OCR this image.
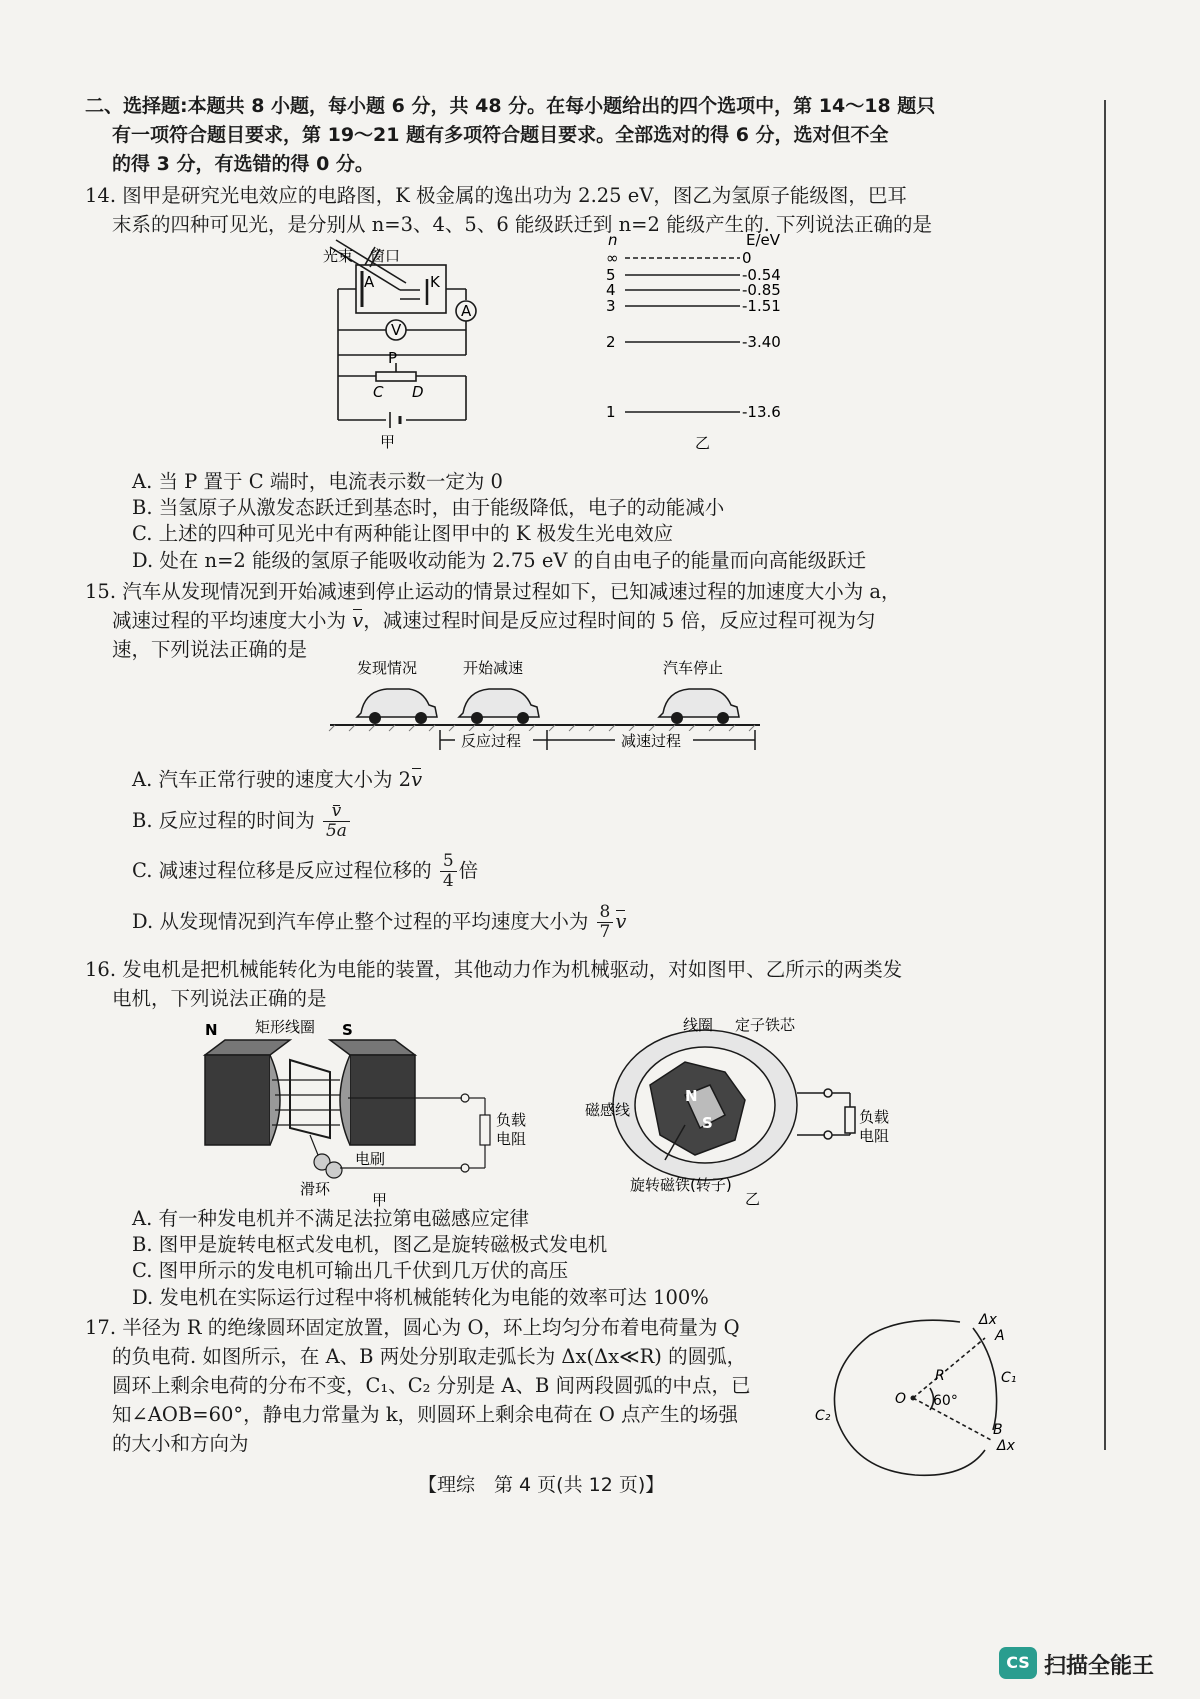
二、选择题:本题共 8 小题，每小题 6 分，共 48 分。在每小题给出的四个选项中，第 14～18 题只
有一项符合题目要求，第 19～21 题有多项符合题目要求。全部选对的得 6 分，选对但不全
的得 3 分，有选错的得 0 分。
14. 图甲是研究光电效应的电路图，K 极金属的逸出功为 2.25 eV，图乙为氢原子能级图，巴耳
末系的四种可见光，是分别从 n=3、4、5、6 能级跃迁到 n=2 能级产生的. 下列说法正确的是
光束 窗口
A	K
A
V
P
C D
甲
n	E/eV
∞	0
5	-0.54
4	-0.85
3	-1.51
2	-3.40
1	-13.6
乙
A. 当 P 置于 C 端时，电流表示数一定为 0
B. 当氢原子从激发态跃迁到基态时，由于能级降低，电子的动能减小
C. 上述的四种可见光中有两种能让图甲中的 K 极发生光电效应
D. 处在 n=2 能级的氢原子能吸收动能为 2.75 eV 的自由电子的能量而向高能级跃迁
15. 汽车从发现情况到开始减速到停止运动的情景过程如下，已知减速过程的加速度大小为 a，
减速过程的平均速度大小为 v，减速过程时间是反应过程时间的 5 倍，反应过程可视为匀
速，下列说法正确的是
发现情况	开始减速	汽车停止
反应过程	减速过程
A. 汽车正常行驶的速度大小为 2v
B. 反应过程的时间为 $\frac{v}{5a}$
C. 减速过程位移是反应过程位移的 $\frac{5}{4}$ 倍
D. 从发现情况到汽车停止整个过程的平均速度大小为 $\frac{8}{7}$ v
16. 发电机是把机械能转化为电能的装置，其他动力作为机械驱动，对如图甲、乙所示的两类发
电机，下列说法正确的是
N	S
矩形线圈
负载
电阻
电刷
滑环
甲
N
S
线圈 定子铁芯
磁感线	负载
电阻
旋转磁铁(转子)
乙
A. 有一种发电机并不满足法拉第电磁感应定律
B. 图甲是旋转电枢式发电机，图乙是旋转磁极式发电机
C. 图甲所示的发电机可输出几千伏到几万伏的高压
D. 发电机在实际运行过程中将机械能转化为电能的效率可达 100%
17. 半径为 R 的绝缘圆环固定放置，圆心为 O，环上均匀分布着电荷量为 Q
的负电荷. 如图所示，在 A、B 两处分别取走弧长为 Δx(Δx≪R) 的圆弧，
圆环上剩余电荷的分布不变，C₁、C₂ 分别是 A、B 间两段圆弧的中点，已
知∠AOB=60°，静电力常量为 k，则圆环上剩余电荷在 O 点产生的场强
的大小和方向为
O
R
60°
C₁
C₂
Δx
A
B
Δx
【理综　第 4 页(共 12 页)】
CS 扫描全能王
